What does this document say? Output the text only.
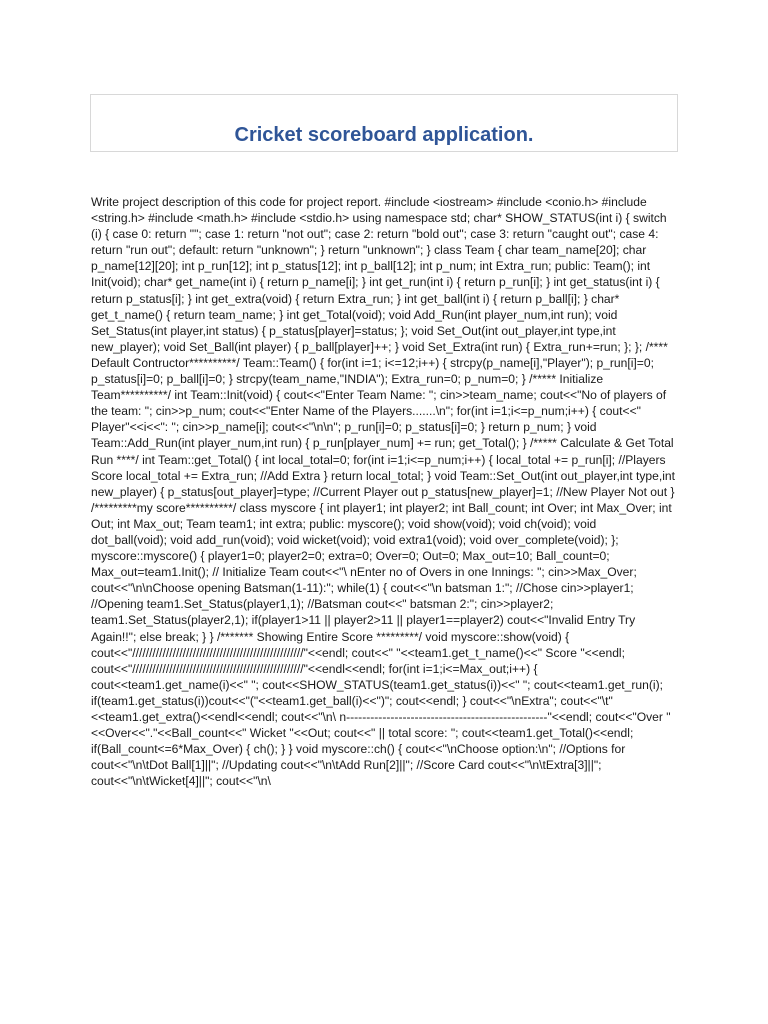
Cricket scoreboard application.

Write project description of this code for project report. #include <iostream> #include <conio.h> #include <string.h> #include <math.h> #include <stdio.h> using namespace std; char* SHOW_STATUS(int i) { switch (i) { case 0: return ""; case 1: return "not out"; case 2: return "bold out"; case 3: return "caught out"; case 4: return "run out"; default: return "unknown"; } return "unknown"; } class Team { char team_name[20]; char p_name[12][20]; int p_run[12]; int p_status[12]; int p_ball[12]; int p_num; int Extra_run; public: Team(); int Init(void); char* get_name(int i) { return p_name[i]; } int get_run(int i) { return p_run[i]; } int get_status(int i) { return p_status[i]; } int get_extra(void) { return Extra_run; } int get_ball(int i) { return p_ball[i]; } char* get_t_name() { return team_name; } int get_Total(void); void Add_Run(int player_num,int run); void Set_Status(int player,int status) { p_status[player]=status; }; void Set_Out(int out_player,int type,int new_player); void Set_Ball(int player) { p_ball[player]++; } void Set_Extra(int run) { Extra_run+=run; }; }; /**** Default Contructor**********/ Team::Team() { for(int i=1; i<=12;i++) { strcpy(p_name[i],"Player"); p_run[i]=0; p_status[i]=0; p_ball[i]=0; } strcpy(team_name,"INDIA"); Extra_run=0; p_num=0; } /***** Initialize Team**********/ int Team::Init(void) { cout<<"Enter Team Name: "; cin>>team_name; cout<<"No of players of the team: "; cin>>p_num; cout<<"Enter Name of the Players.......\n"; for(int i=1;i<=p_num;i++) { cout<<" Player"<<i<<": "; cin>>p_name[i]; cout<<"\n\n"; p_run[i]=0; p_status[i]=0; } return p_num; } void Team::Add_Run(int player_num,int run) { p_run[player_num] += run; get_Total(); } /***** Calculate & Get Total Run ****/ int Team::get_Total() { int local_total=0; for(int i=1;i<=p_num;i++) { local_total += p_run[i]; //Players Score local_total += Extra_run; //Add Extra } return local_total; } void Team::Set_Out(int out_player,int type,int new_player) { p_status[out_player]=type; //Current Player out p_status[new_player]=1; //New Player Not out } /*********my score**********/ class myscore { int player1; int player2; int Ball_count; int Over; int Max_Over; int Out; int Max_out; Team team1; int extra; public: myscore(); void show(void); void ch(void); void dot_ball(void); void add_run(void); void wicket(void); void extra1(void); void over_complete(void); }; myscore::myscore() { player1=0; player2=0; extra=0; Over=0; Out=0; Max_out=10; Ball_count=0; Max_out=team1.Init(); // Initialize Team cout<<"\ nEnter no of Overs in one Innings: "; cin>>Max_Over; cout<<"\n\nChoose opening Batsman(1-11):"; while(1) { cout<<"\n batsman 1:"; //Chose cin>>player1; //Opening team1.Set_Status(player1,1); //Batsman cout<<" batsman 2:"; cin>>player2; team1.Set_Status(player2,1); if(player1>11 || player2>11 || player1==player2) cout<<"Invalid Entry Try Again!!"; else break; } } /******* Showing Entire Score *********/ void myscore::show(void) { cout<<"///////////////////////////////////////////////////"<<endl; cout<<" "<<team1.get_t_name()<<" Score "<<endl; cout<<"///////////////////////////////////////////////////"<<endl<<endl; for(int i=1;i<=Max_out;i++) { cout<<team1.get_name(i)<<" "; cout<<SHOW_STATUS(team1.get_status(i))<<" "; cout<<team1.get_run(i); if(team1.get_status(i))cout<<"("<<team1.get_ball(i)<<")"; cout<<endl; } cout<<"\nExtra"; cout<<"\t"<<team1.get_extra()<<endl<<endl; cout<<"\n\ n--------------------------------------------------"<<endl; cout<<"Over "<<Over<<"."<<Ball_count<<" Wicket "<<Out; cout<<" || total score: "; cout<<team1.get_Total()<<endl; if(Ball_count<=6*Max_Over) { ch(); } } void myscore::ch() { cout<<"\nChoose option:\n"; //Options for cout<<"\n\tDot Ball[1]||"; //Updating cout<<"\n\tAdd Run[2]||"; //Score Card cout<<"\n\tExtra[3]||"; cout<<"\n\tWicket[4]||"; cout<<"\n\
